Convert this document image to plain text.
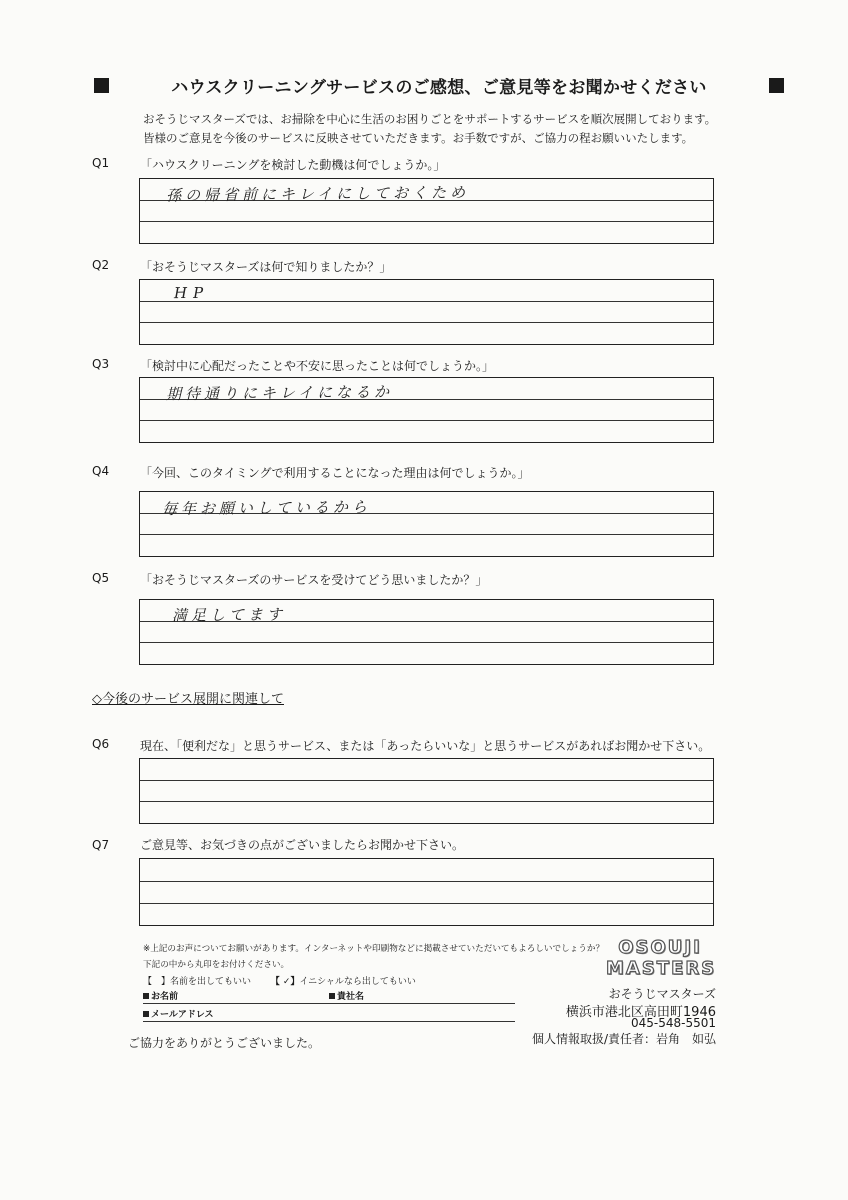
ハウスクリーニングサービスのご感想、ご意見等をお聞かせください
おそうじマスターズでは、お掃除を中心に生活のお困りごとをサポートするサービスを順次展開しております。
皆様のご意見を今後のサービスに反映させていただきます。お手数ですが、ご協力の程お願いいたします。
Q1	「ハウスクリーニングを検討した動機は何でしょうか。」
孫の帰省前にキレイにしておくため
Q2	「おそうじマスターズは何で知りましたか？」
HP
Q3	「検討中に心配だったことや不安に思ったことは何でしょうか。」
期待通りにキレイになるか
Q4	「今回、このタイミングで利用することになった理由は何でしょうか。」
毎年お願いしているから
Q5	「おそうじマスターズのサービスを受けてどう思いましたか？」
満足してます
◇今後のサービス展開に関連して
Q6	現在、「便利だな」と思うサービス、または「あったらいいな」と思うサービスがあればお聞かせ下さい。
Q7	ご意見等、お気づきの点がございましたらお聞かせ下さい。
※上記のお声についてお願いがあります。インターネットや印刷物などに掲載させていただいてもよろしいでしょうか？
下記の中から丸印をお付けください。
【　】名前を出してもいい 【 ✓】イニシャルなら出してもいい
お名前	貴社名
メールアドレス
OSOUJI
MASTERS
おそうじマスターズ
横浜市港北区高田町1946
045-548-5501
個人情報取扱/責任者：岩角　如弘
ご協力をありがとうございました。
